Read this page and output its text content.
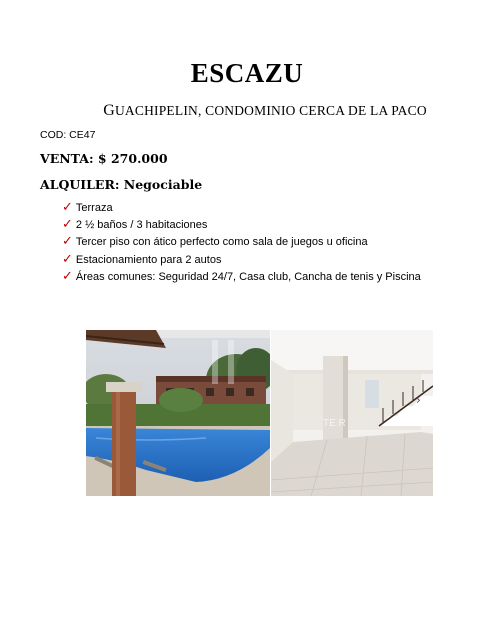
ESCAZU
GUACHIPELIN, CONDOMINIO CERCA DE LA PACO
COD: CE47
VENTA: $ 270.000
ALQUILER: Negociable
✓ Terraza
✓ 2 ½ baños / 3 habitaciones
✓ Tercer piso con ático perfecto como sala de juegos u oficina
✓ Estacionamiento para 2 autos
✓ Áreas comunes: Seguridad 24/7, Casa club, Cancha de tenis y Piscina
›
TE R
